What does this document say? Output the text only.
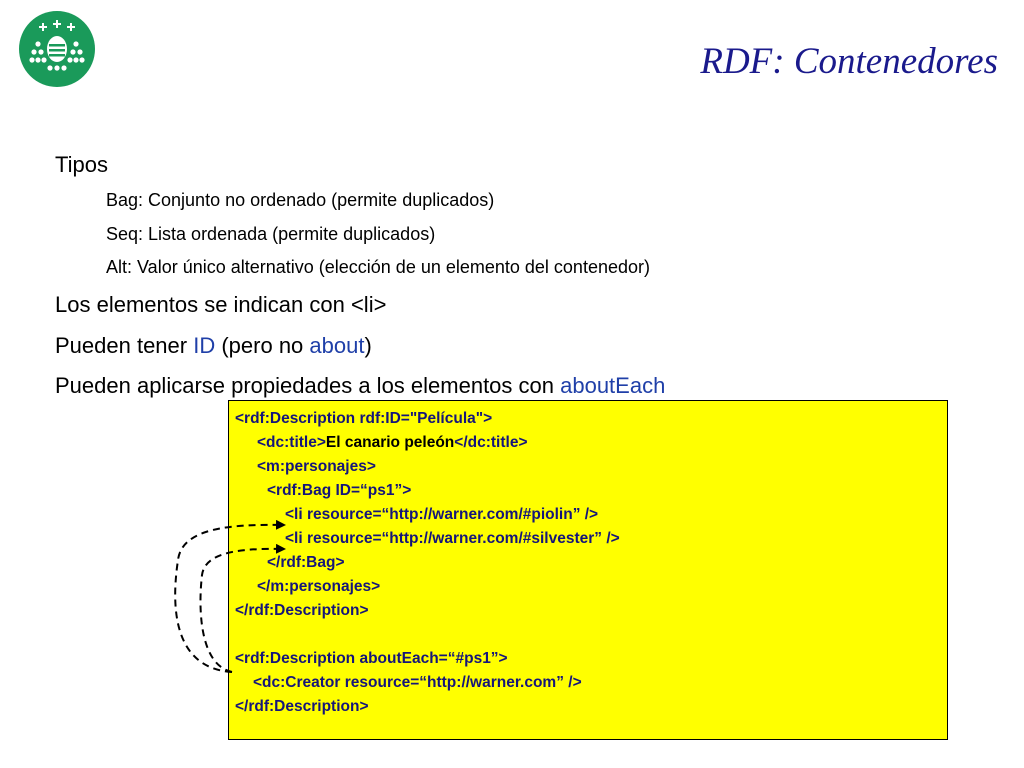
RDF: Contenedores
Tipos
Bag: Conjunto no ordenado (permite duplicados)
Seq: Lista ordenada (permite duplicados)
Alt: Valor único alternativo (elección de un elemento del contenedor)
Los elementos se indican con <li>
Pueden tener ID (pero no about)
Pueden aplicarse propiedades a los elementos con aboutEach
<rdf:Description rdf:ID="Película">
<dc:title>El canario peleón</dc:title>
<m:personajes>
<rdf:Bag ID=“ps1”>
<li resource=“http://warner.com/#piolin” />
<li resource=“http://warner.com/#silvester” />
</rdf:Bag>
</m:personajes>
</rdf:Description>
<rdf:Description aboutEach=“#ps1”>
<dc:Creator resource=“http://warner.com” />
</rdf:Description>
